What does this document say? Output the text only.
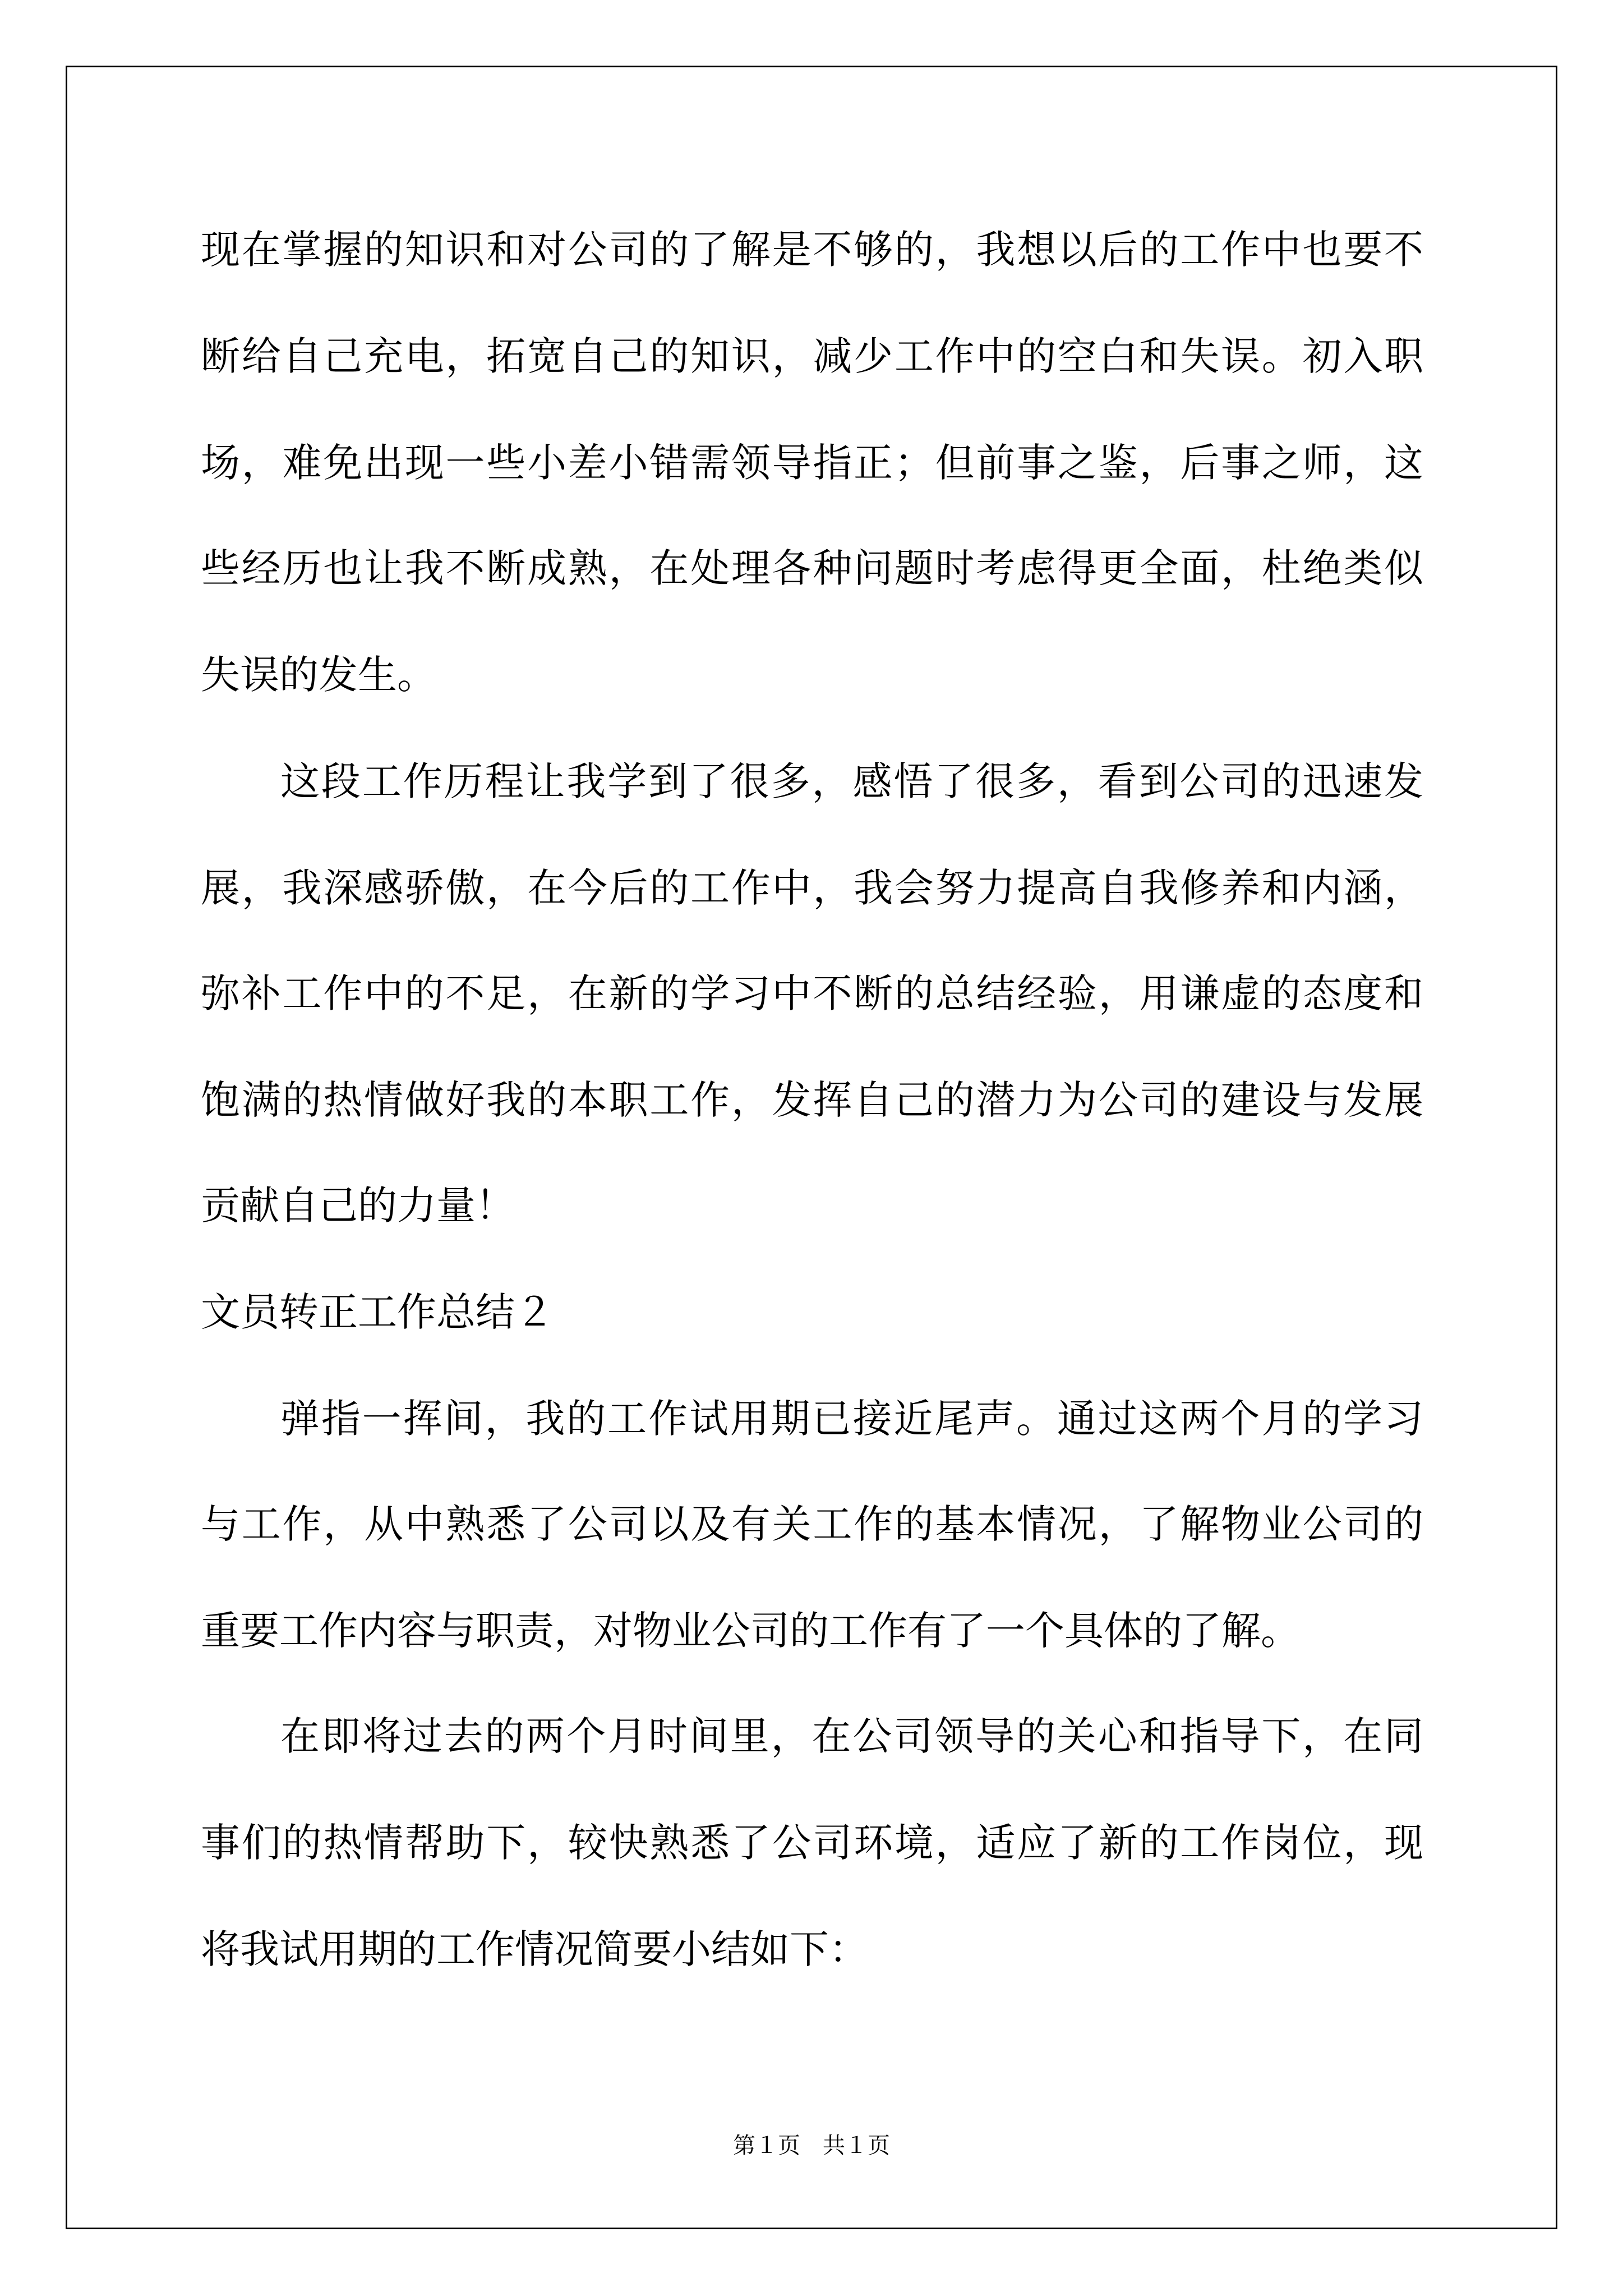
现在掌握的知识和对公司的了解是不够的，我想以后的工作中也要不

断给自己充电，拓宽自己的知识，减少工作中的空白和失误。初入职

场，难免出现一些小差小错需领导指正；但前事之鉴，后事之师，这

些经历也让我不断成熟，在处理各种问题时考虑得更全面，杜绝类似

失误的发生。

这段工作历程让我学到了很多，感悟了很多，看到公司的迅速发

展，我深感骄傲，在今后的工作中，我会努力提高自我修养和内涵，

弥补工作中的不足，在新的学习中不断的总结经验，用谦虚的态度和

饱满的热情做好我的本职工作，发挥自己的潜力为公司的建设与发展

贡献自己的力量！

文员转正工作总结２

弹指一挥间，我的工作试用期已接近尾声。通过这两个月的学习

与工作，从中熟悉了公司以及有关工作的基本情况，了解物业公司的

重要工作内容与职责，对物业公司的工作有了一个具体的了解。

在即将过去的两个月时间里，在公司领导的关心和指导下，在同

事们的热情帮助下，较快熟悉了公司环境，适应了新的工作岗位，现

将我试用期的工作情况简要小结如下：

第１页　共１页
